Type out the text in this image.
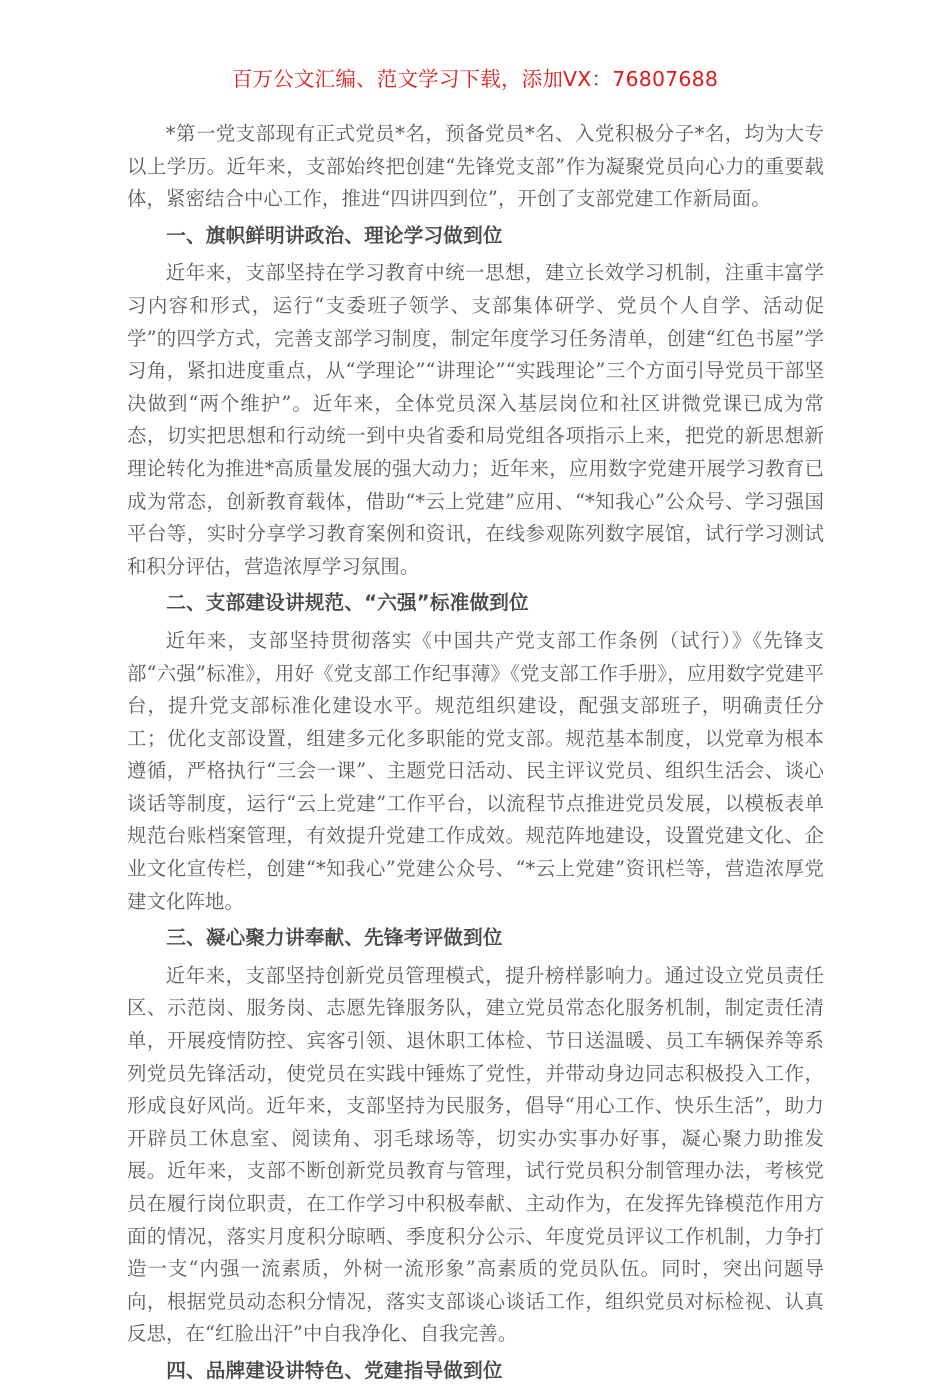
百万公文汇编、范文学习下载，添加VX：76807688

*第一党支部现有正式党员*名，预备党员*名、入党积极分子*名，均为大专以上学历。近年来，支部始终把创建“先锋党支部”作为凝聚党员向心力的重要载体，紧密结合中心工作，推进“四讲四到位”，开创了支部党建工作新局面。

一、旗帜鲜明讲政治、理论学习做到位

近年来，支部坚持在学习教育中统一思想，建立长效学习机制，注重丰富学习内容和形式，运行“支委班子领学、支部集体研学、党员个人自学、活动促学”的四学方式，完善支部学习制度，制定年度学习任务清单，创建“红色书屋”学习角，紧扣进度重点，从“学理论”“讲理论”“实践理论”三个方面引导党员干部坚决做到“两个维护”。近年来，全体党员深入基层岗位和社区讲微党课已成为常态，切实把思想和行动统一到中央省委和局党组各项指示上来，把党的新思想新理论转化为推进*高质量发展的强大动力；近年来，应用数字党建开展学习教育已成为常态，创新教育载体，借助“*云上党建”应用、“*知我心”公众号、学习强国平台等，实时分享学习教育案例和资讯，在线参观陈列数字展馆，试行学习测试和积分评估，营造浓厚学习氛围。

二、支部建设讲规范、“六强”标准做到位

近年来，支部坚持贯彻落实《中国共产党支部工作条例（试行）》《先锋支部“六强”标准》，用好《党支部工作纪事薄》《党支部工作手册》，应用数字党建平台，提升党支部标准化建设水平。规范组织建设，配强支部班子，明确责任分工；优化支部设置，组建多元化多职能的党支部。规范基本制度，以党章为根本遵循，严格执行“三会一课”、主题党日活动、民主评议党员、组织生活会、谈心谈话等制度，运行“云上党建”工作平台，以流程节点推进党员发展，以模板表单规范台账档案管理，有效提升党建工作成效。规范阵地建设，设置党建文化、企业文化宣传栏，创建“*知我心”党建公众号、“*云上党建”资讯栏等，营造浓厚党建文化阵地。

三、凝心聚力讲奉献、先锋考评做到位

近年来，支部坚持创新党员管理模式，提升榜样影响力。通过设立党员责任区、示范岗、服务岗、志愿先锋服务队，建立党员常态化服务机制，制定责任清单，开展疫情防控、宾客引领、退休职工体检、节日送温暖、员工车辆保养等系列党员先锋活动，使党员在实践中锤炼了党性，并带动身边同志积极投入工作，形成良好风尚。近年来，支部坚持为民服务，倡导“用心工作、快乐生活”，助力开辟员工休息室、阅读角、羽毛球场等，切实办实事办好事，凝心聚力助推发展。近年来，支部不断创新党员教育与管理，试行党员积分制管理办法，考核党员在履行岗位职责，在工作学习中积极奉献、主动作为，在发挥先锋模范作用方面的情况，落实月度积分晾晒、季度积分公示、年度党员评议工作机制，力争打造一支“内强一流素质，外树一流形象”高素质的党员队伍。同时，突出问题导向，根据党员动态积分情况，落实支部谈心谈话工作，组织党员对标检视、认真反思，在“红脸出汗”中自我净化、自我完善。

四、品牌建设讲特色、党建指导做到位
